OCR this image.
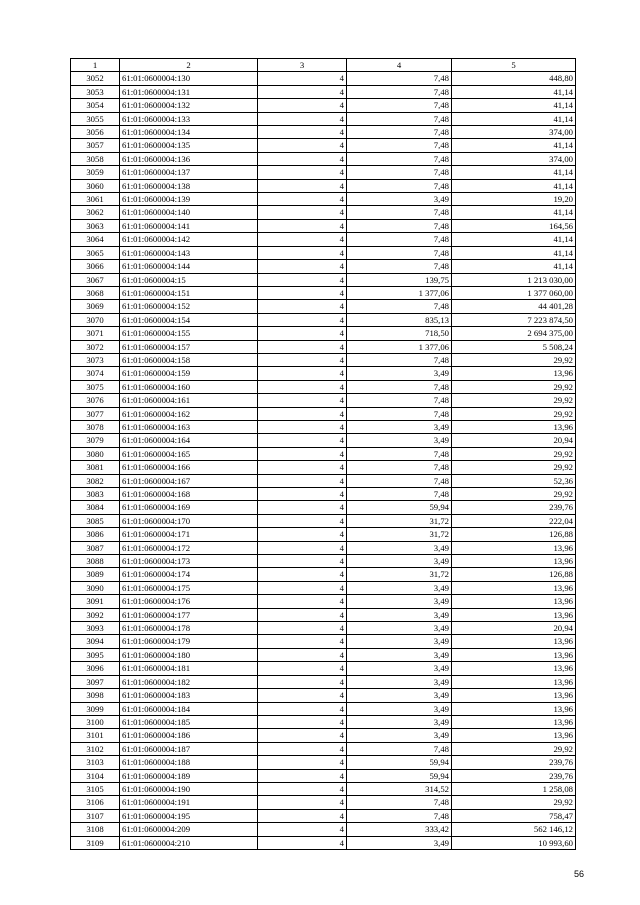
1	2	3	4	5
3052	61:01:0600004:130	4	7,48	448,80
3053	61:01:0600004:131	4	7,48	41,14
3054	61:01:0600004:132	4	7,48	41,14
3055	61:01:0600004:133	4	7,48	41,14
3056	61:01:0600004:134	4	7,48	374,00
3057	61:01:0600004:135	4	7,48	41,14
3058	61:01:0600004:136	4	7,48	374,00
3059	61:01:0600004:137	4	7,48	41,14
3060	61:01:0600004:138	4	7,48	41,14
3061	61:01:0600004:139	4	3,49	19,20
3062	61:01:0600004:140	4	7,48	41,14
3063	61:01:0600004:141	4	7,48	164,56
3064	61:01:0600004:142	4	7,48	41,14
3065	61:01:0600004:143	4	7,48	41,14
3066	61:01:0600004:144	4	7,48	41,14
3067	61:01:0600004:15	4	139,75	1 213 030,00
3068	61:01:0600004:151	4	1 377,06	1 377 060,00
3069	61:01:0600004:152	4	7,48	44 401,28
3070	61:01:0600004:154	4	835,13	7 223 874,50
3071	61:01:0600004:155	4	718,50	2 694 375,00
3072	61:01:0600004:157	4	1 377,06	5 508,24
3073	61:01:0600004:158	4	7,48	29,92
3074	61:01:0600004:159	4	3,49	13,96
3075	61:01:0600004:160	4	7,48	29,92
3076	61:01:0600004:161	4	7,48	29,92
3077	61:01:0600004:162	4	7,48	29,92
3078	61:01:0600004:163	4	3,49	13,96
3079	61:01:0600004:164	4	3,49	20,94
3080	61:01:0600004:165	4	7,48	29,92
3081	61:01:0600004:166	4	7,48	29,92
3082	61:01:0600004:167	4	7,48	52,36
3083	61:01:0600004:168	4	7,48	29,92
3084	61:01:0600004:169	4	59,94	239,76
3085	61:01:0600004:170	4	31,72	222,04
3086	61:01:0600004:171	4	31,72	126,88
3087	61:01:0600004:172	4	3,49	13,96
3088	61:01:0600004:173	4	3,49	13,96
3089	61:01:0600004:174	4	31,72	126,88
3090	61:01:0600004:175	4	3,49	13,96
3091	61:01:0600004:176	4	3,49	13,96
3092	61:01:0600004:177	4	3,49	13,96
3093	61:01:0600004:178	4	3,49	20,94
3094	61:01:0600004:179	4	3,49	13,96
3095	61:01:0600004:180	4	3,49	13,96
3096	61:01:0600004:181	4	3,49	13,96
3097	61:01:0600004:182	4	3,49	13,96
3098	61:01:0600004:183	4	3,49	13,96
3099	61:01:0600004:184	4	3,49	13,96
3100	61:01:0600004:185	4	3,49	13,96
3101	61:01:0600004:186	4	3,49	13,96
3102	61:01:0600004:187	4	7,48	29,92
3103	61:01:0600004:188	4	59,94	239,76
3104	61:01:0600004:189	4	59,94	239,76
3105	61:01:0600004:190	4	314,52	1 258,08
3106	61:01:0600004:191	4	7,48	29,92
3107	61:01:0600004:195	4	7,48	758,47
3108	61:01:0600004:209	4	333,42	562 146,12
3109	61:01:0600004:210	4	3,49	10 993,60
56
